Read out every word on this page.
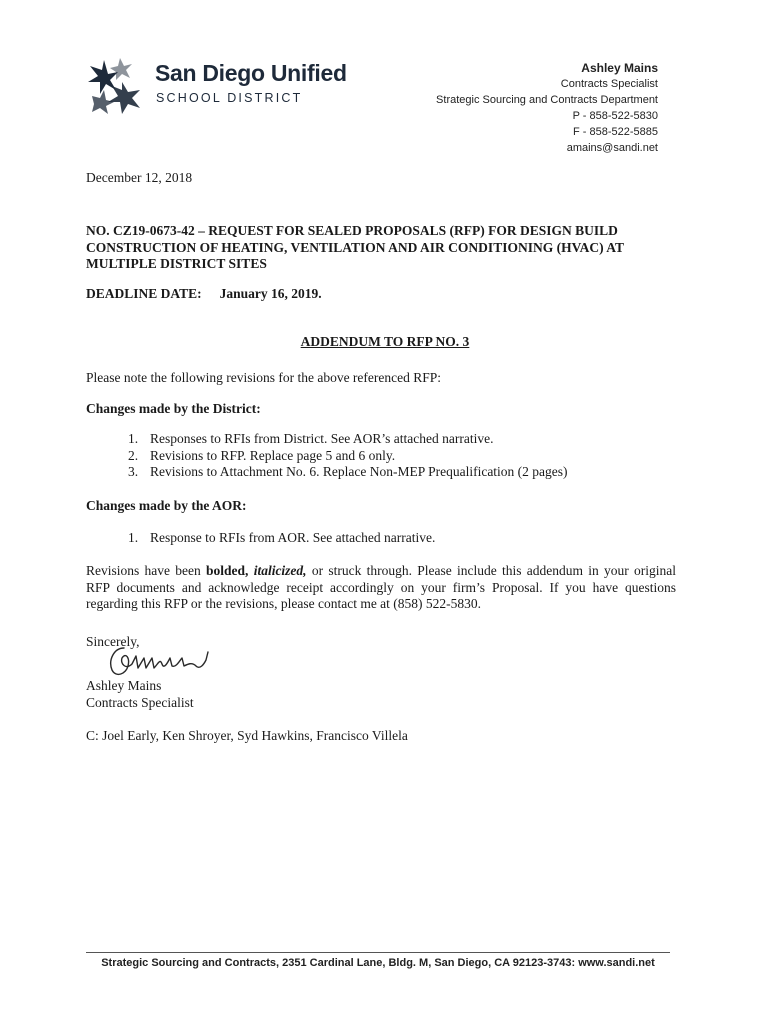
San Diego Unified
SCHOOL DISTRICT
Ashley Mains
Contracts Specialist
Strategic Sourcing and Contracts Department
P - 858-522-5830
F - 858-522-5885
amains@sandi.net
December 12, 2018
NO. CZ19-0673-42 – REQUEST FOR SEALED PROPOSALS (RFP) FOR DESIGN BUILD CONSTRUCTION OF HEATING, VENTILATION AND AIR CONDITIONING (HVAC) AT MULTIPLE DISTRICT SITES
DEADLINE DATE: January 16, 2019.
ADDENDUM TO RFP NO. 3
Please note the following revisions for the above referenced RFP:
Changes made by the District:
1. Responses to RFIs from District. See AOR’s attached narrative.
2. Revisions to RFP. Replace page 5 and 6 only.
3. Revisions to Attachment No. 6. Replace Non-MEP Prequalification (2 pages)
Changes made by the AOR:
1. Response to RFIs from AOR. See attached narrative.
Revisions have been bolded, italicized, or struck through. Please include this addendum in your original RFP documents and acknowledge receipt accordingly on your firm’s Proposal. If you have questions regarding this RFP or the revisions, please contact me at (858) 522-5830.
Sincerely,
Ashley Mains
Contracts Specialist
C: Joel Early, Ken Shroyer, Syd Hawkins, Francisco Villela
Strategic Sourcing and Contracts, 2351 Cardinal Lane, Bldg. M, San Diego, CA 92123-3743: www.sandi.net
